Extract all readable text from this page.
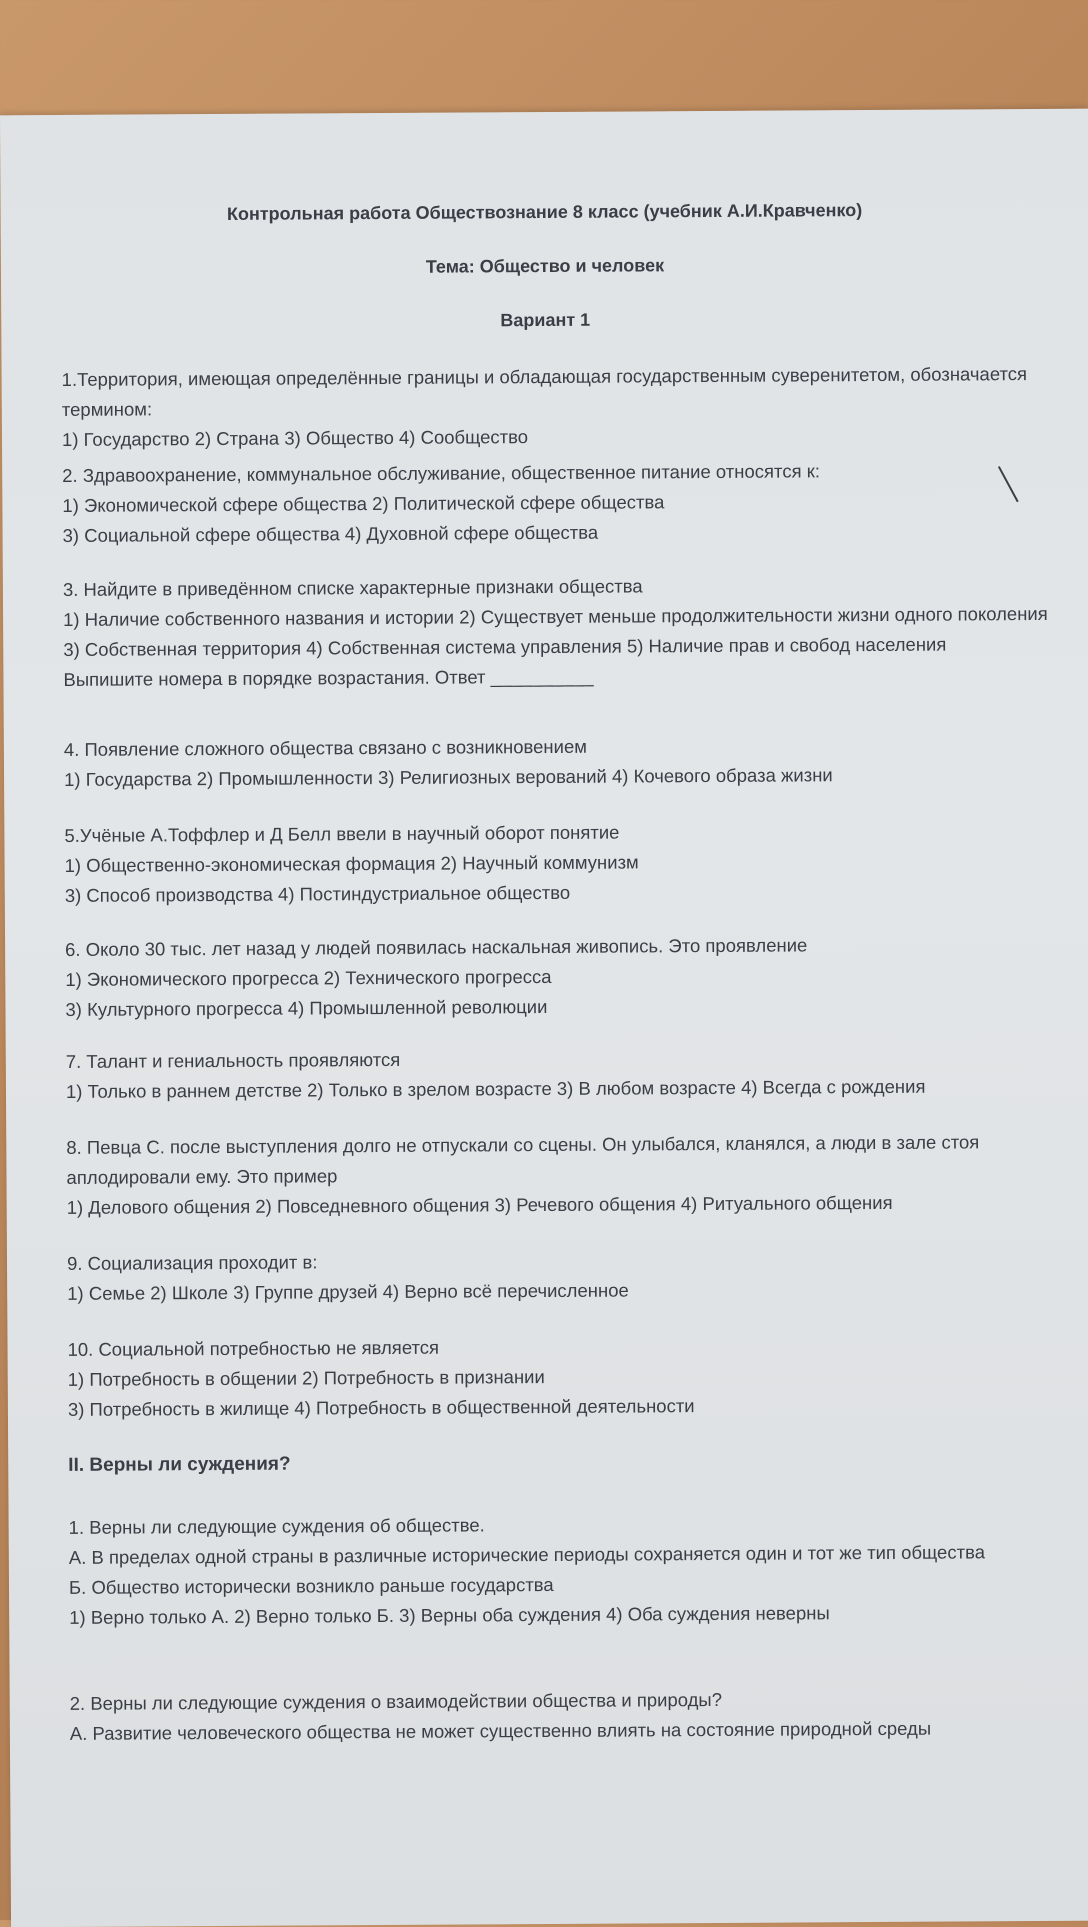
Контрольная работа Обществознание 8 класс (учебник А.И.Кравченко)
Тема: Общество и человек
Вариант 1
1.Территория, имеющая определённые границы и обладающая государственным суверенитетом, обозначается термином:
1) Государство 2) Страна 3) Общество 4) Сообщество
2. Здравоохранение, коммунальное обслуживание, общественное питание относятся к:
1) Экономической сфере общества 2) Политической сфере общества
3) Социальной сфере общества 4) Духовной сфере общества
3. Найдите в приведённом списке характерные признаки общества
1) Наличие собственного названия и истории 2) Существует меньше продолжительности жизни одного поколения 3) Собственная территория 4) Собственная система управления 5) Наличие прав и свобод населения
Выпишите номера в порядке возрастания. Ответ __________
4. Появление сложного общества связано с возникновением
1) Государства 2) Промышленности 3) Религиозных верований 4) Кочевого образа жизни
5.Учёные А.Тоффлер и Д Белл ввели в научный оборот понятие
1) Общественно-экономическая формация 2) Научный коммунизм
3) Способ производства 4) Постиндустриальное общество
6. Около 30 тыс. лет назад у людей появилась наскальная живопись. Это проявление
1) Экономического прогресса 2) Технического прогресса
3) Культурного прогресса 4) Промышленной революции
7. Талант и гениальность проявляются
1) Только в раннем детстве 2) Только в зрелом возрасте 3) В любом возрасте 4) Всегда с рождения
8. Певца С. после выступления долго не отпускали со сцены. Он улыбался, кланялся, а люди в зале стоя аплодировали ему. Это пример
1) Делового общения 2) Повседневного общения 3) Речевого общения 4) Ритуального общения
9. Социализация проходит в:
1) Семье 2) Школе 3) Группе друзей 4) Верно всё перечисленное
10. Социальной потребностью не является
1) Потребность в общении 2) Потребность в признании
3) Потребность в жилище 4) Потребность в общественной деятельности
II. Верны ли суждения?
1. Верны ли следующие суждения об обществе.
А. В пределах одной страны в различные исторические периоды сохраняется один и тот же тип общества
Б. Общество исторически возникло раньше государства
1) Верно только А. 2) Верно только Б. 3) Верны оба суждения 4) Оба суждения неверны
2. Верны ли следующие суждения о взаимодействии общества и природы?
А. Развитие человеческого общества не может существенно влиять на состояние природной среды
